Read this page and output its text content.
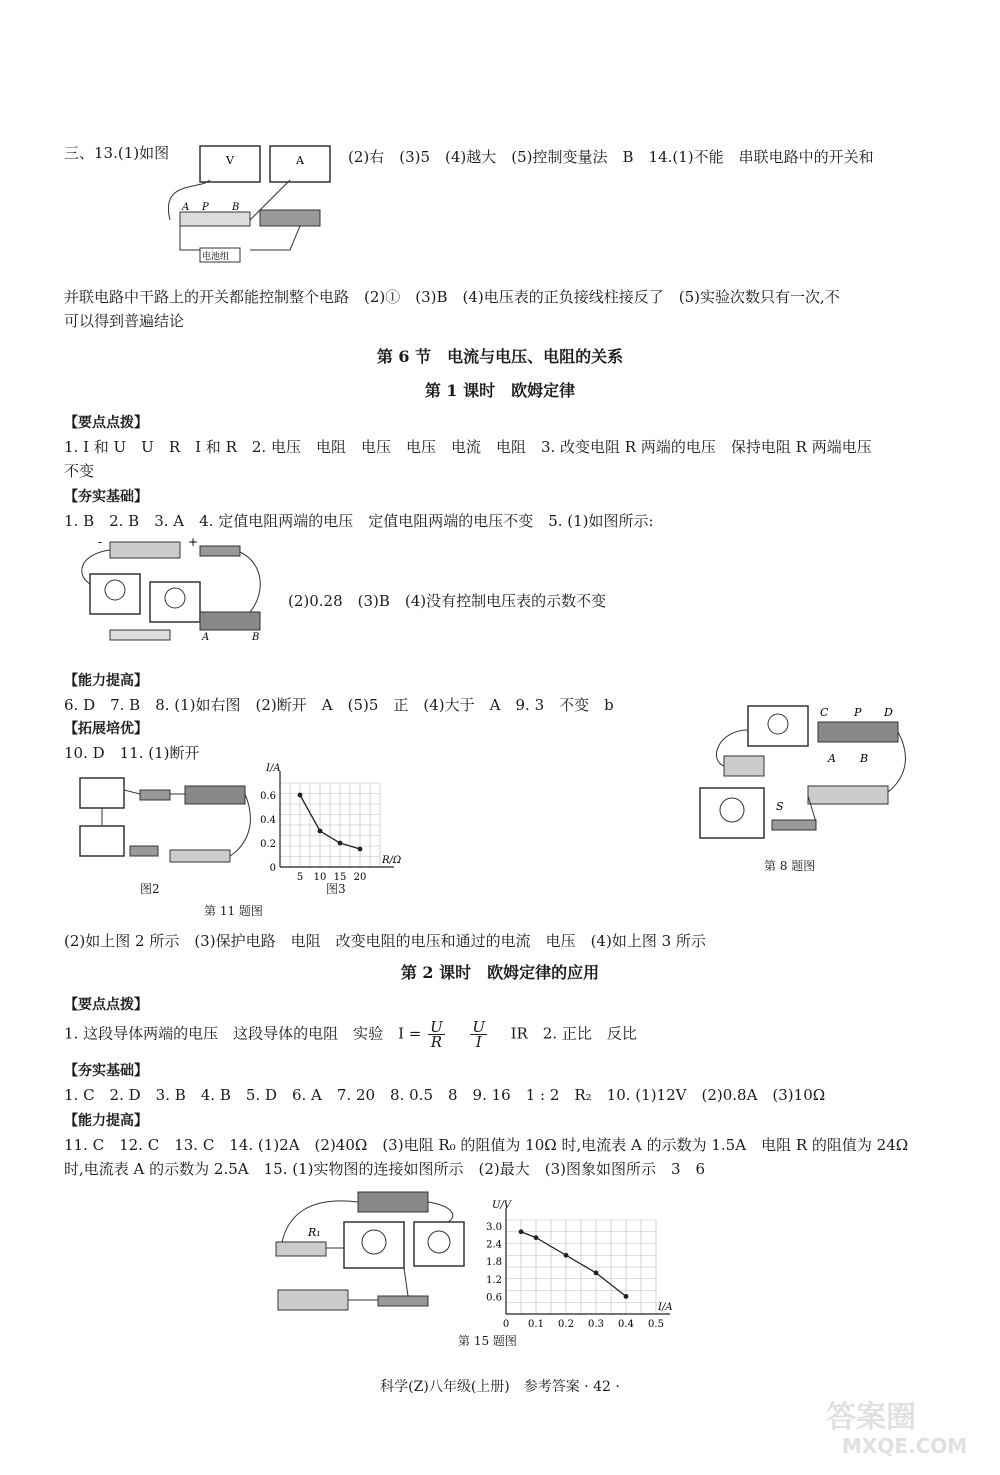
三、13.(1)如图	V	A
电池组
A P B
(2)右　(3)5　(4)越大　(5)控制变量法　B　14.(1)不能　串联电路中的开关和
并联电路中干路上的开关都能控制整个电路　(2)①　(3)B　(4)电压表的正负接线柱接反了　(5)实验次数只有一次,不
可以得到普遍结论
第 6 节　电流与电压、电阻的关系
第 1 课时　欧姆定律
【要点点拨】
1. I 和 U　U　R　I 和 R　2. 电压　电阻　电压　电压　电流　电阻　3. 改变电阻 R 两端的电压　保持电阻 R 两端电压
不变
【夯实基础】
1. B　2. B　3. A　4. 定值电阻两端的电压　定值电阻两端的电压不变　5. (1)如图所示:
-	+
A	B
(2)0.28　(3)B　(4)没有控制电压表的示数不变
【能力提高】
6. D　7. B　8. (1)如右图　(2)断开　A　(5)5　正　(4)大于　A　9. 3　不变　b
【拓展培优】
10. D　11. (1)断开
图2
I/A
R/Ω
0
0.2
0.4
0.6
5 10 15 20
图3
第 11 题图
C P D
A B
S
第 8 题图
(2)如上图 2 所示　(3)保护电路　电阻　改变电阻的电压和通过的电流　电压　(4)如上图 3 所示
第 2 课时　欧姆定律的应用
【要点点拨】
1. 这段导体两端的电压　这段导体的电阻　实验　$I = \frac{U}{R}$
$\frac{U}{I}$ IR　2. 正比　反比
【夯实基础】
1. C　2. D　3. B　4. B　5. D　6. A　7. 20　8. 0.5　8　9. 16　1 : 2　R₂　10. (1)12V　(2)0.8A　(3)10Ω
【能力提高】
11. C　12. C　13. C　14. (1)2A　(2)40Ω　(3)电阻 R₀ 的阻值为 10Ω 时,电流表 A 的示数为 1.5A　电阻 R 的阻值为 24Ω
时,电流表 A 的示数为 2.5A　15. (1)实物图的连接如图所示　(2)最大　(3)图象如图所示　3　6
R₁
U/V
I/A
0.6
1.2
1.8
2.4
3.0
0 0.1 0.2 0.3 0.4 0.5
第 15 题图
科学(Z)八年级(上册)　参考答案 · 42 ·
答案圈
MXQE.COM
